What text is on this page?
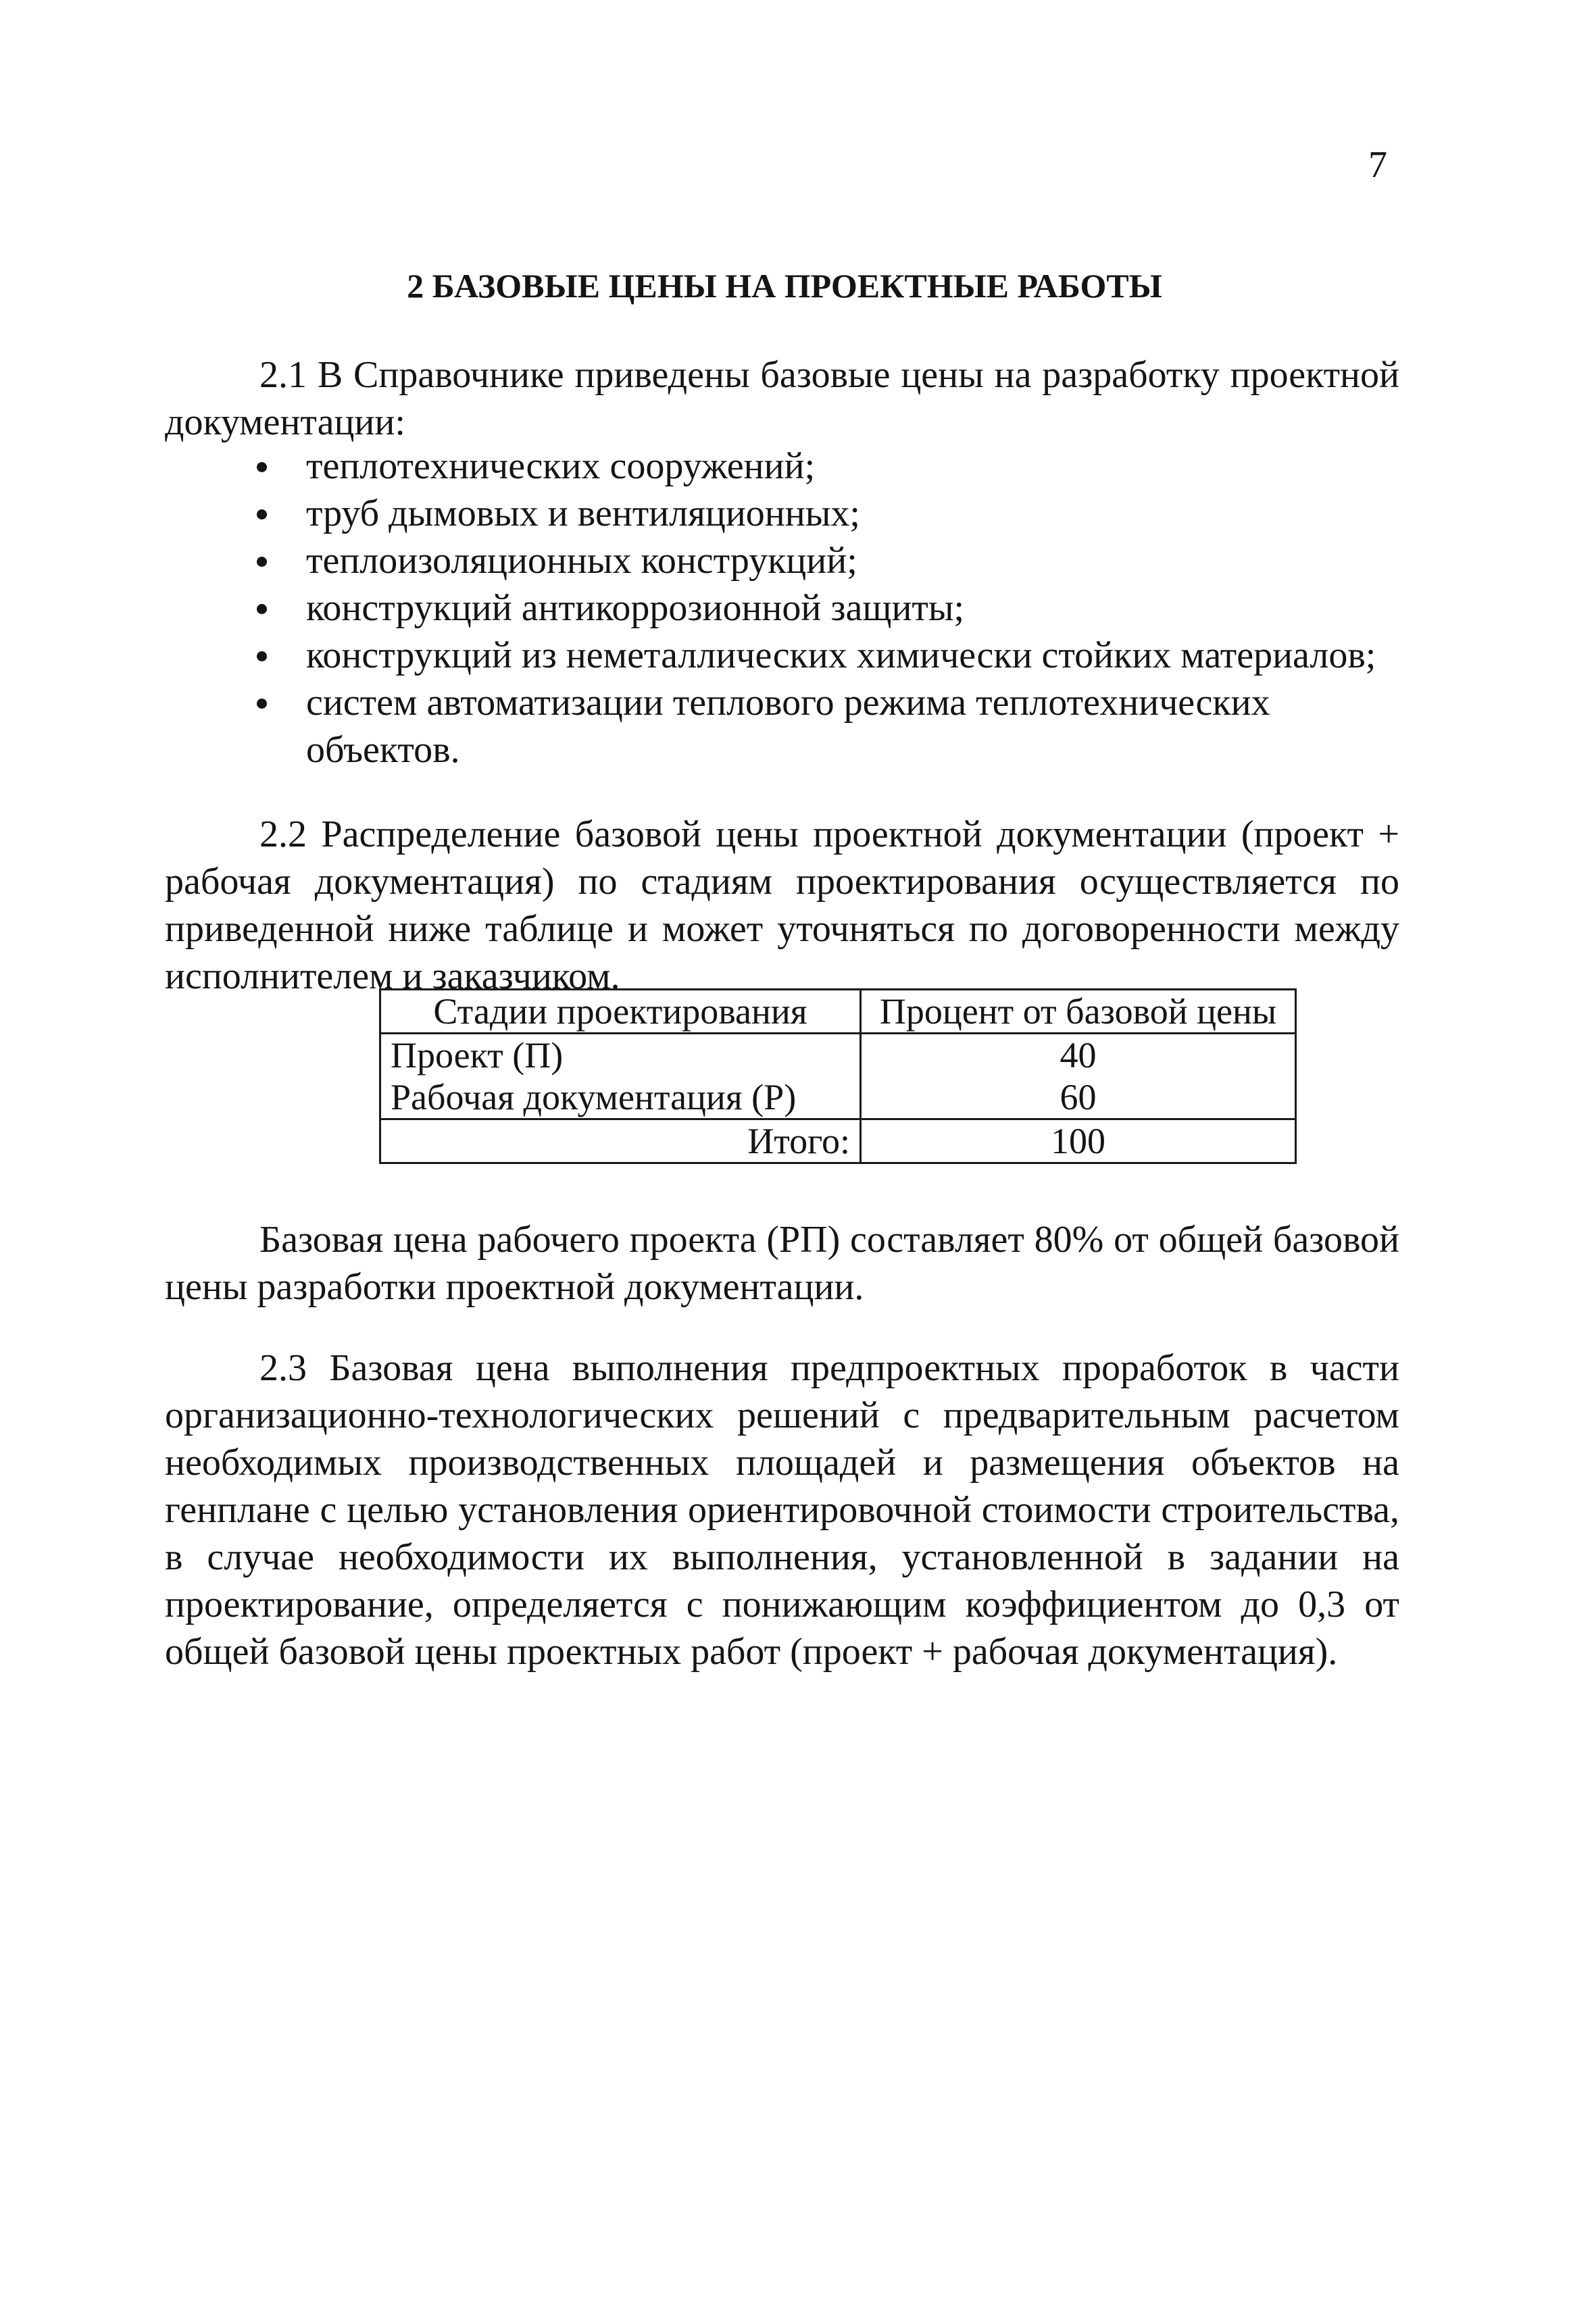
7
2 БАЗОВЫЕ ЦЕНЫ НА ПРОЕКТНЫЕ РАБОТЫ

2.1 В Справочнике приведены базовые цены на разработку проектной документации:

теплотехнических сооружений;
труб дымовых и вентиляционных;
теплоизоляционных конструкций;
конструкций антикоррозионной защиты;
конструкций из неметаллических химически стойких материалов;
систем автоматизации теплового режима теплотехнических объектов.

2.2 Распределение базовой цены проектной документации (проект + рабочая документация) по стадиям проектирования осуществляется по приведенной ниже таблице и может уточняться по договоренности между исполнителем и заказчиком.

Стадии проектирования	Процент от базовой цены
Проект (П)	40
Рабочая документация (Р)	60
Итого:	100

Базовая цена рабочего проекта (РП) составляет 80% от общей базовой цены разработки проектной документации.

2.3 Базовая цена выполнения предпроектных проработок в части организационно-технологических решений с предварительным расчетом необходимых производственных площадей и размещения объектов на генплане с целью установления ориентировочной стоимости строительства, в случае необходимости их выполнения, установленной в задании на проектирование, определяется с понижающим коэффициентом до 0,3 от общей базовой цены проектных работ (проект + рабочая документация).
